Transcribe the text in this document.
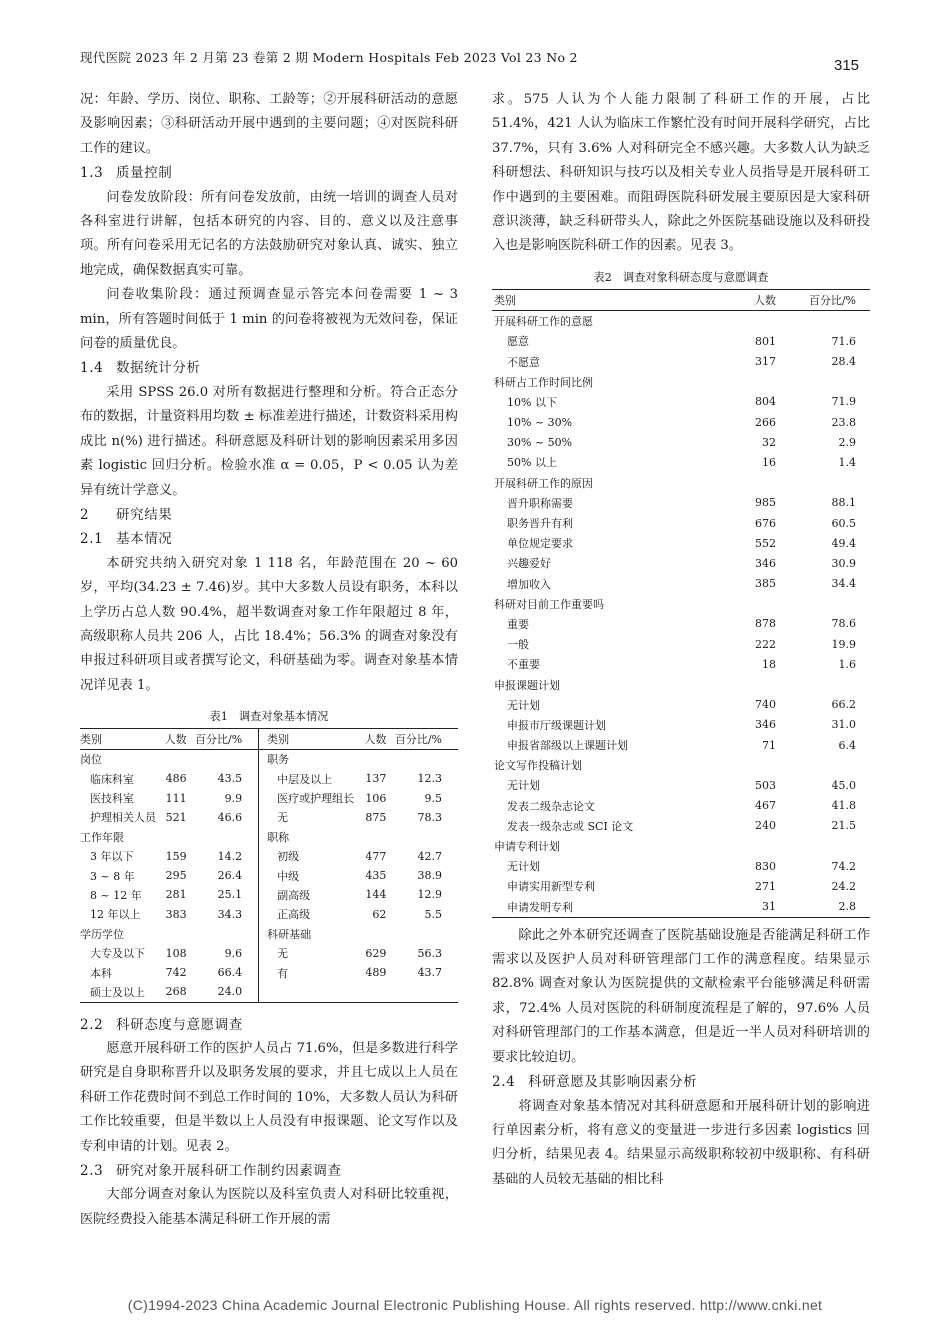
现代医院 2023 年 2 月第 23 卷第 2 期 Modern Hospitals Feb 2023 Vol 23 No 2	315

况：年龄、学历、岗位、职称、工龄等；②开展科研活动的意愿及影响因素；③科研活动开展中遇到的主要问题；④对医院科研工作的建议。

1.3 质量控制

问卷发放阶段：所有问卷发放前，由统一培训的调查人员对各科室进行讲解，包括本研究的内容、目的、意义以及注意事项。所有问卷采用无记名的方法鼓励研究对象认真、诚实、独立地完成，确保数据真实可靠。

问卷收集阶段：通过预调查显示答完本问卷需要 1 ~ 3 min，所有答题时间低于 1 min 的问卷将被视为无效问卷，保证问卷的质量优良。

1.4 数据统计分析

采用 SPSS 26.0 对所有数据进行整理和分析。符合正态分布的数据，计量资料用均数 ± 标准差进行描述，计数资料采用构成比 n(%) 进行描述。科研意愿及科研计划的影响因素采用多因素 logistic 回归分析。检验水准 α = 0.05，P < 0.05 认为差异有统计学意义。

2 研究结果
2.1 基本情况

本研究共纳入研究对象 1 118 名，年龄范围在 20 ~ 60 岁，平均(34.23 ± 7.46)岁。其中大多数人员设有职务，本科以上学历占总人数 90.4%，超半数调查对象工作年限超过 8 年，高级职称人员共 206 人，占比 18.4%；56.3% 的调查对象没有申报过科研项目或者撰写论文，科研基础为零。调查对象基本情况详见表 1。

表1　调查对象基本情况
类别	人数	百分比/%	类别	人数	百分比/%
岗位			职务		
临床科室	486	43.5	中层及以上	137	12.3
医技科室	111	9.9	医疗或护理组长	106	9.5
护理相关人员	521	46.6	无	875	78.3
工作年限			职称		
3 年以下	159	14.2	初级	477	42.7
3 ~ 8 年	295	26.4	中级	435	38.9
8 ~ 12 年	281	25.1	副高级	144	12.9
12 年以上	383	34.3	正高级	62	5.5
学历学位			科研基础		
大专及以下	108	9.6	无	629	56.3
本科	742	66.4	有	489	43.7
硕士及以上	268	24.0			
2.2 科研态度与意愿调查

愿意开展科研工作的医护人员占 71.6%，但是多数进行科学研究是自身职称晋升以及职务发展的要求，并且七成以上人员在科研工作花费时间不到总工作时间的 10%，大多数人员认为科研工作比较重要，但是半数以上人员没有申报课题、论文写作以及专利申请的计划。见表 2。

2.3 研究对象开展科研工作制约因素调查

大部分调查对象认为医院以及科室负责人对科研比较重视，医院经费投入能基本满足科研工作开展的需

求。575 人认为个人能力限制了科研工作的开展，占比 51.4%，421 人认为临床工作繁忙没有时间开展科学研究，占比 37.7%，只有 3.6% 人对科研完全不感兴趣。大多数人认为缺乏科研想法、科研知识与技巧以及相关专业人员指导是开展科研工作中遇到的主要困难。而阻碍医院科研发展主要原因是大家科研意识淡薄，缺乏科研带头人，除此之外医院基础设施以及科研投入也是影响医院科研工作的因素。见表 3。

表2　调查对象科研态度与意愿调查
类别	人数	百分比/%
开展科研工作的意愿		
愿意	801	71.6
不愿意	317	28.4
科研占工作时间比例		
10% 以下	804	71.9
10% ~ 30%	266	23.8
30% ~ 50%	32	2.9
50% 以上	16	1.4
开展科研工作的原因		
晋升职称需要	985	88.1
职务晋升有利	676	60.5
单位规定要求	552	49.4
兴趣爱好	346	30.9
增加收入	385	34.4
科研对目前工作重要吗		
重要	878	78.6
一般	222	19.9
不重要	18	1.6
申报课题计划		
无计划	740	66.2
申报市厅级课题计划	346	31.0
申报省部级以上课题计划	71	6.4
论文写作投稿计划		
无计划	503	45.0
发表二级杂志论文	467	41.8
发表一级杂志或 SCI 论文	240	21.5
申请专利计划		
无计划	830	74.2
申请实用新型专利	271	24.2
申请发明专利	31	2.8

除此之外本研究还调查了医院基础设施是否能满足科研工作需求以及医护人员对科研管理部门工作的满意程度。结果显示 82.8% 调查对象认为医院提供的文献检索平台能够满足科研需求，72.4% 人员对医院的科研制度流程是了解的，97.6% 人员对科研管理部门的工作基本满意，但是近一半人员对科研培训的要求比较迫切。

2.4 科研意愿及其影响因素分析

将调查对象基本情况对其科研意愿和开展科研计划的影响进行单因素分析，将有意义的变量进一步进行多因素 logistics 回归分析，结果见表 4。结果显示高级职称较初中级职称、有科研基础的人员较无基础的相比科

(C)1994-2023 China Academic Journal Electronic Publishing House. All rights reserved. http://www.cnki.net
